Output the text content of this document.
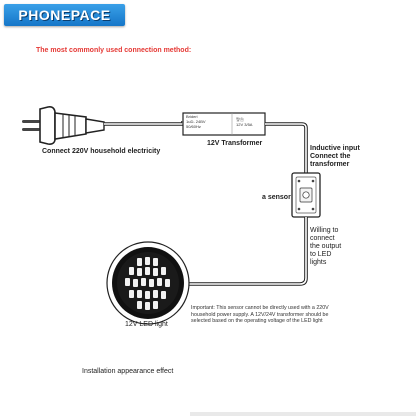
PHONEPACE
The most commonly used connection method:
Brideri
1uD- 24BV
50/60Hz
警告
12V 3/5A
Connect 220V household electricity
12V Transformer
Inductive input
Connect the
transformer
a sensor
Willing to
connect
the output
to LED
lights
12V LED light
Important: This sensor cannot be directly used with a 220V
household power supply. A 12V/24V transformer should be
selected based on the operating voltage of the LED light
Installation appearance effect
